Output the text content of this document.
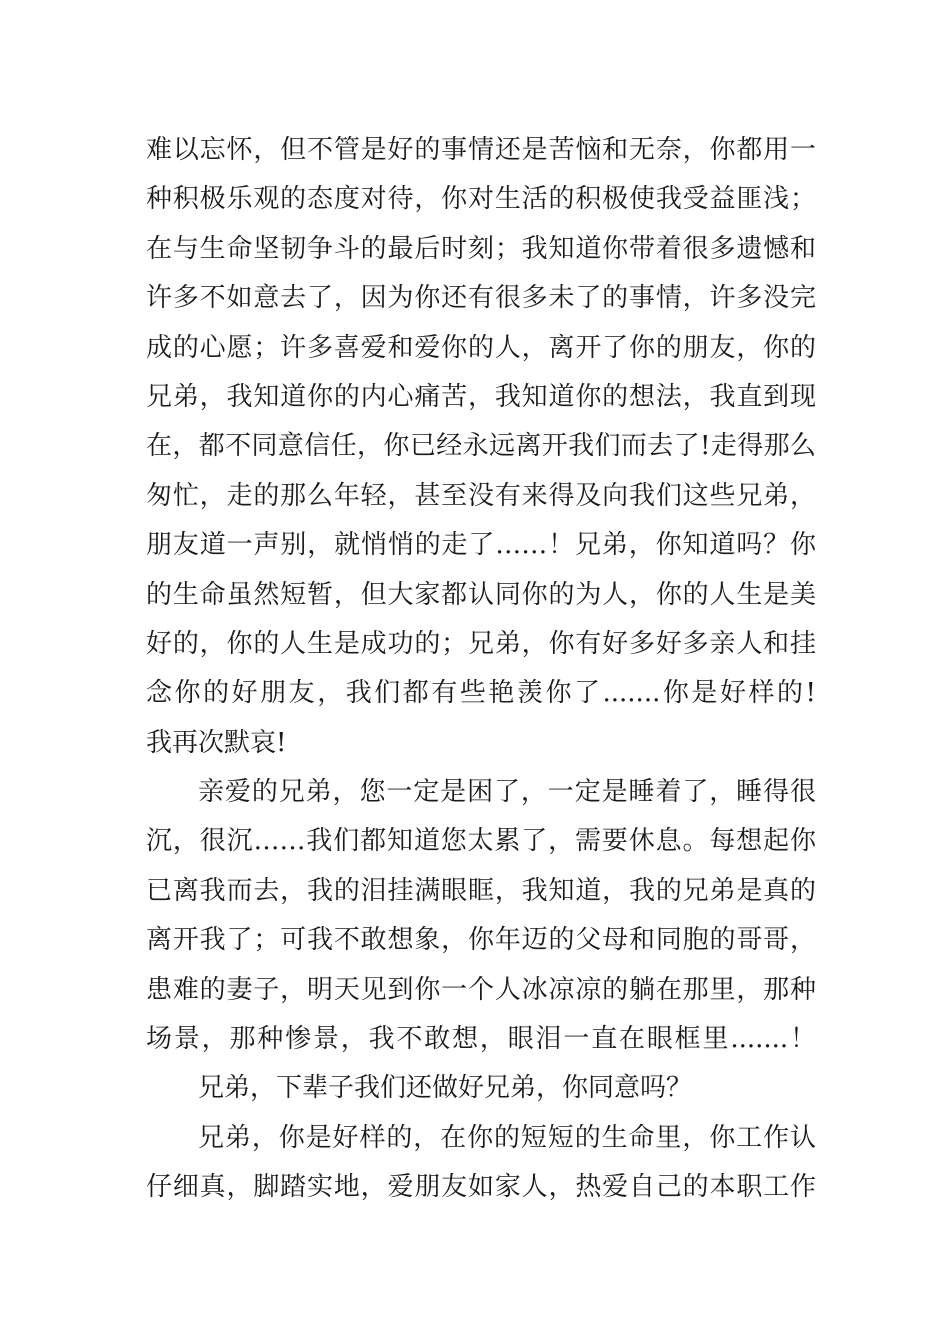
难以忘怀，但不管是好的事情还是苦恼和无奈，你都用一
种积极乐观的态度对待，你对生活的积极使我受益匪浅；
在与生命坚韧争斗的最后时刻；我知道你带着很多遗憾和
许多不如意去了，因为你还有很多未了的事情，许多没完
成的心愿；许多喜爱和爱你的人，离开了你的朋友，你的
兄弟，我知道你的内心痛苦，我知道你的想法，我直到现
在，都不同意信任，你已经永远离开我们而去了!走得那么
匆忙，走的那么年轻，甚至没有来得及向我们这些兄弟，
朋友道一声别，就悄悄的走了……！兄弟，你知道吗？你
的生命虽然短暂，但大家都认同你的为人，你的人生是美
好的，你的人生是成功的；兄弟，你有好多好多亲人和挂
念你的好朋友，我们都有些艳羡你了.......你是好样的!
我再次默哀!
亲爱的兄弟，您一定是困了，一定是睡着了，睡得很
沉，很沉……我们都知道您太累了，需要休息。每想起你
已离我而去，我的泪挂满眼眶，我知道，我的兄弟是真的
离开我了；可我不敢想象，你年迈的父母和同胞的哥哥，
患难的妻子，明天见到你一个人冰凉凉的躺在那里，那种
场景，那种惨景，我不敢想，眼泪一直在眼框里.......！
兄弟，下辈子我们还做好兄弟，你同意吗？
兄弟，你是好样的，在你的短短的生命里，你工作认
仔细真，脚踏实地，爱朋友如家人，热爱自己的本职工作
